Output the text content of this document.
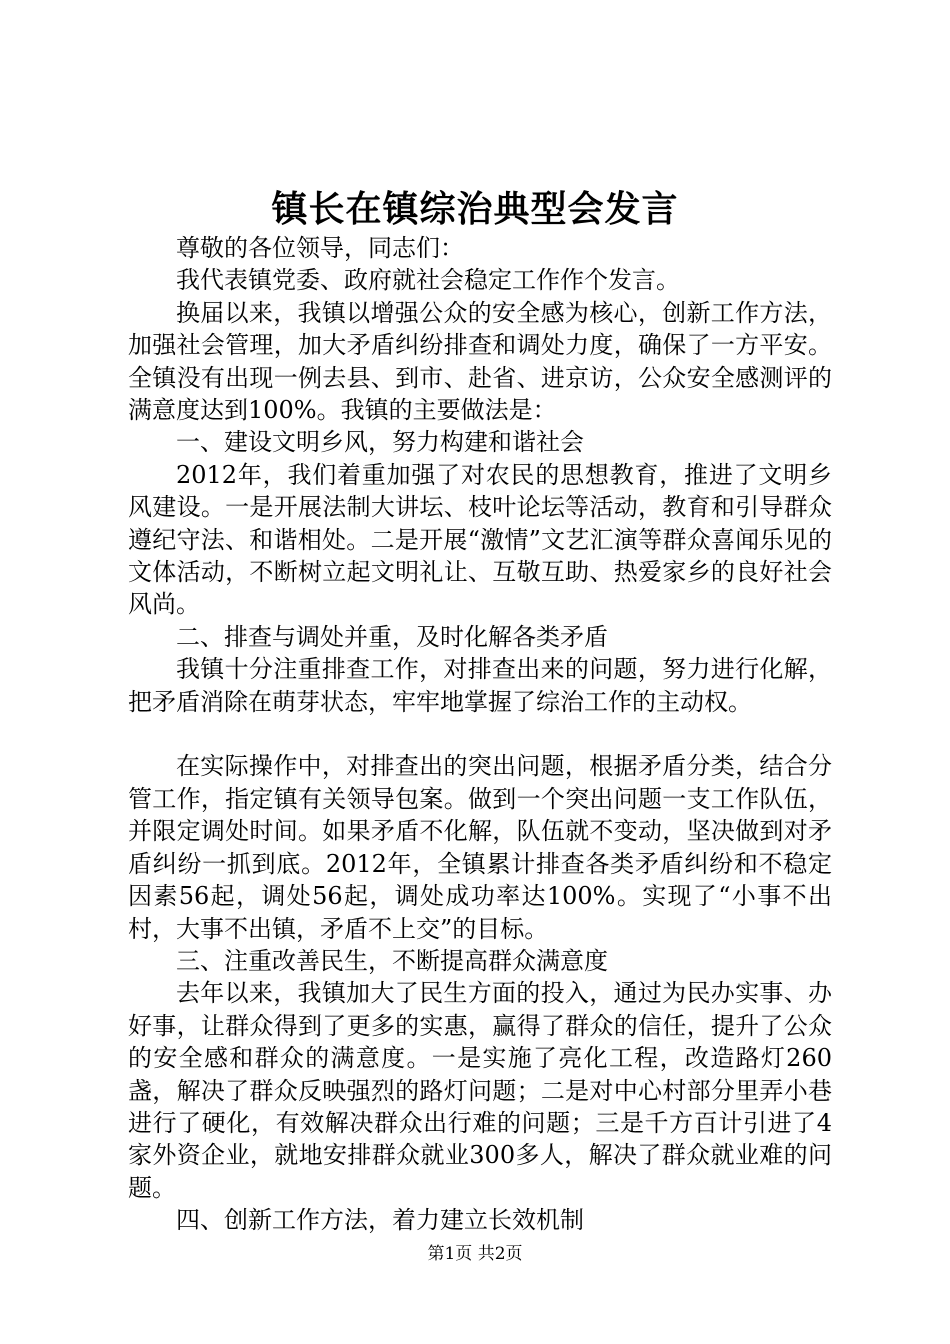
镇长在镇综治典型会发言

尊敬的各位领导，同志们：

我代表镇党委、政府就社会稳定工作作个发言。

换届以来，我镇以增强公众的安全感为核心，创新工作方法，加强社会管理，加大矛盾纠纷排查和调处力度，确保了一方平安。全镇没有出现一例去县、到市、赴省、进京访，公众安全感测评的满意度达到100%。我镇的主要做法是：

一、建设文明乡风，努力构建和谐社会

2012年，我们着重加强了对农民的思想教育，推进了文明乡风建设。一是开展法制大讲坛、枝叶论坛等活动，教育和引导群众遵纪守法、和谐相处。二是开展“激情”文艺汇演等群众喜闻乐见的文体活动，不断树立起文明礼让、互敬互助、热爱家乡的良好社会风尚。

二、排查与调处并重，及时化解各类矛盾

我镇十分注重排查工作，对排查出来的问题，努力进行化解，把矛盾消除在萌芽状态，牢牢地掌握了综治工作的主动权。

在实际操作中，对排查出的突出问题，根据矛盾分类，结合分管工作，指定镇有关领导包案。做到一个突出问题一支工作队伍，并限定调处时间。如果矛盾不化解，队伍就不变动，坚决做到对矛盾纠纷一抓到底。2012年，全镇累计排查各类矛盾纠纷和不稳定因素56起，调处56起，调处成功率达100%。实现了“小事不出村，大事不出镇，矛盾不上交”的目标。

三、注重改善民生，不断提高群众满意度

去年以来，我镇加大了民生方面的投入，通过为民办实事、办好事，让群众得到了更多的实惠，赢得了群众的信任，提升了公众的安全感和群众的满意度。一是实施了亮化工程，改造路灯260盏，解决了群众反映强烈的路灯问题；二是对中心村部分里弄小巷进行了硬化，有效解决群众出行难的问题；三是千方百计引进了4家外资企业，就地安排群众就业300多人，解决了群众就业难的问题。

四、创新工作方法，着力建立长效机制

第1页 共2页
